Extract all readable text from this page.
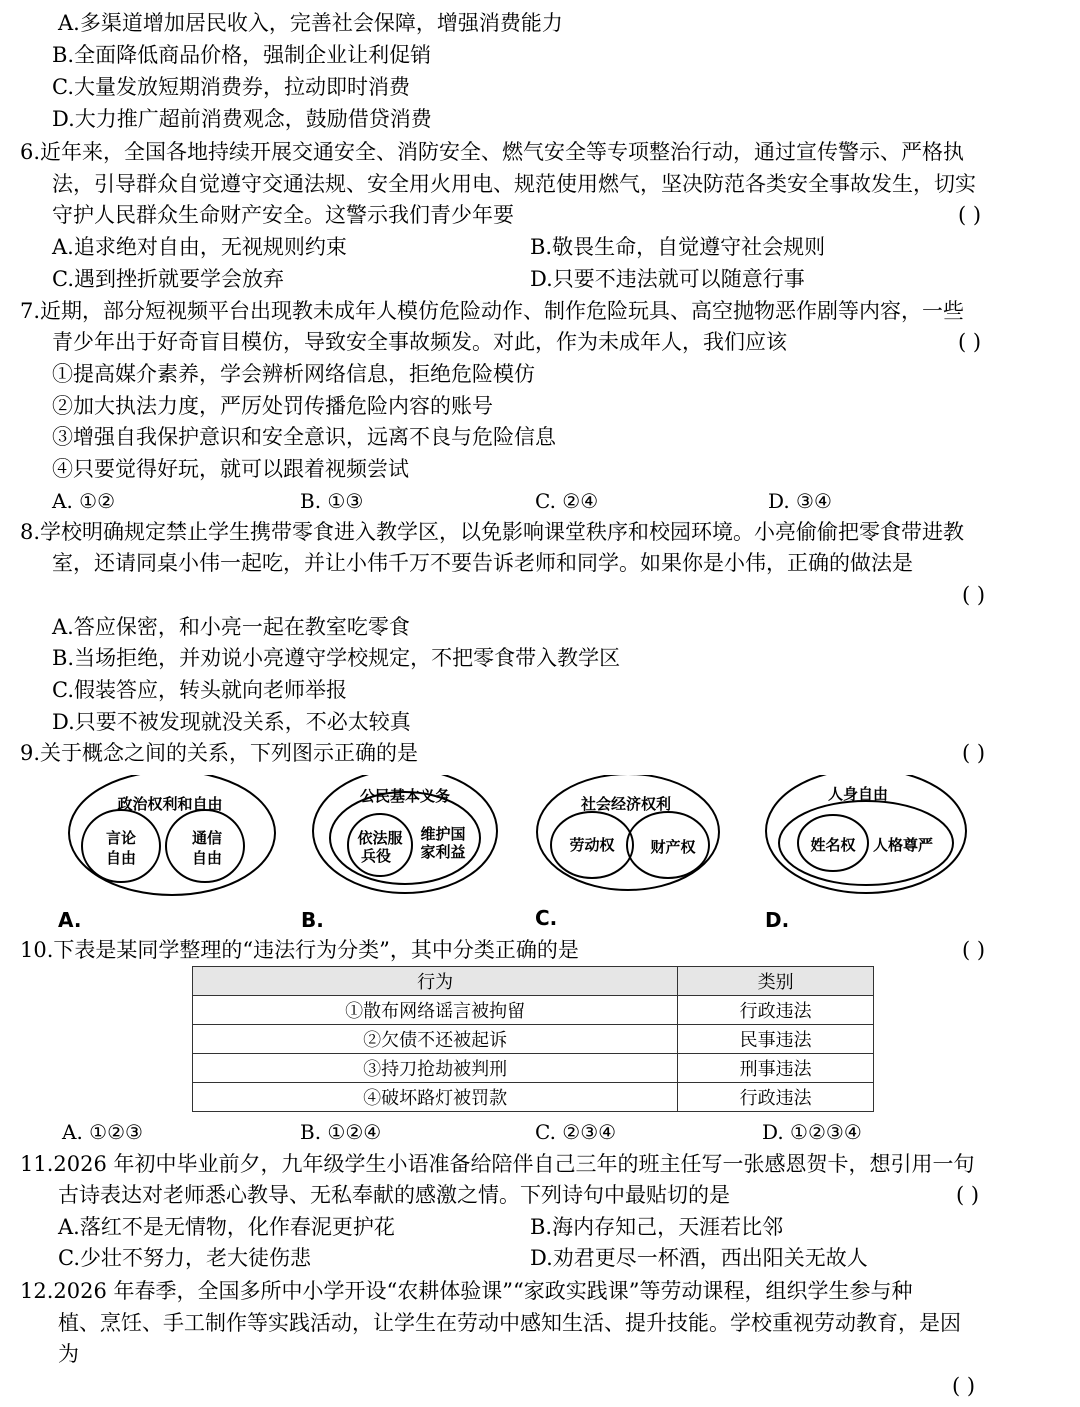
A.多渠道增加居民收入，完善社会保障，增强消费能力
B.全面降低商品价格，强制企业让利促销
C.大量发放短期消费券，拉动即时消费
D.大力推广超前消费观念，鼓励借贷消费
6.近年来，全国各地持续开展交通安全、消防安全、燃气安全等专项整治行动，通过宣传警示、严格执
法，引导群众自觉遵守交通法规、安全用火用电、规范使用燃气，坚决防范各类安全事故发生，切实
守护人民群众生命财产安全。这警示我们青少年要	( )
A.追求绝对自由，无视规则约束	B.敬畏生命，自觉遵守社会规则
C.遇到挫折就要学会放弃	D.只要不违法就可以随意行事
7.近期，部分短视频平台出现教未成年人模仿危险动作、制作危险玩具、高空抛物恶作剧等内容，一些
青少年出于好奇盲目模仿，导致安全事故频发。对此，作为未成年人，我们应该	( )
①提高媒介素养，学会辨析网络信息，拒绝危险模仿
②加大执法力度，严厉处罚传播危险内容的账号
③增强自我保护意识和安全意识，远离不良与危险信息
④只要觉得好玩，就可以跟着视频尝试
A. ①②	B. ①③	C. ②④	D. ③④
8.学校明确规定禁止学生携带零食进入教学区，以免影响课堂秩序和校园环境。小亮偷偷把零食带进教
室，还请同桌小伟一起吃，并让小伟千万不要告诉老师和同学。如果你是小伟，正确的做法是
( )
A.答应保密，和小亮一起在教室吃零食
B.当场拒绝，并劝说小亮遵守学校规定，不把零食带入教学区
C.假装答应，转头就向老师举报
D.只要不被发现就没关系，不必太较真
9.关于概念之间的关系，下列图示正确的是	( )
政治权利和自由
言论
自由
通信
自由
公民基本义务
依法服
兵役
维护国
家利益
社会经济权利
劳动权 财产权
人身自由
姓名权 人格尊严
A.	B.	C.	D.
10.下表是某同学整理的“违法行为分类”，其中分类正确的是	( )
行为	类别
①散布网络谣言被拘留	行政违法
②欠债不还被起诉	民事违法
③持刀抢劫被判刑	刑事违法
④破坏路灯被罚款	行政违法
A. ①②③	B. ①②④	C. ②③④	D. ①②③④
11.2026 年初中毕业前夕，九年级学生小语准备给陪伴自己三年的班主任写一张感恩贺卡，想引用一句
古诗表达对老师悉心教导、无私奉献的感激之情。下列诗句中最贴切的是	( )
A.落红不是无情物，化作春泥更护花	B.海内存知己，天涯若比邻
C.少壮不努力，老大徒伤悲	D.劝君更尽一杯酒，西出阳关无故人
12.2026 年春季，全国多所中小学开设“农耕体验课”“家政实践课”等劳动课程，组织学生参与种
植、烹饪、手工制作等实践活动，让学生在劳动中感知生活、提升技能。学校重视劳动教育，是因
为
( )
